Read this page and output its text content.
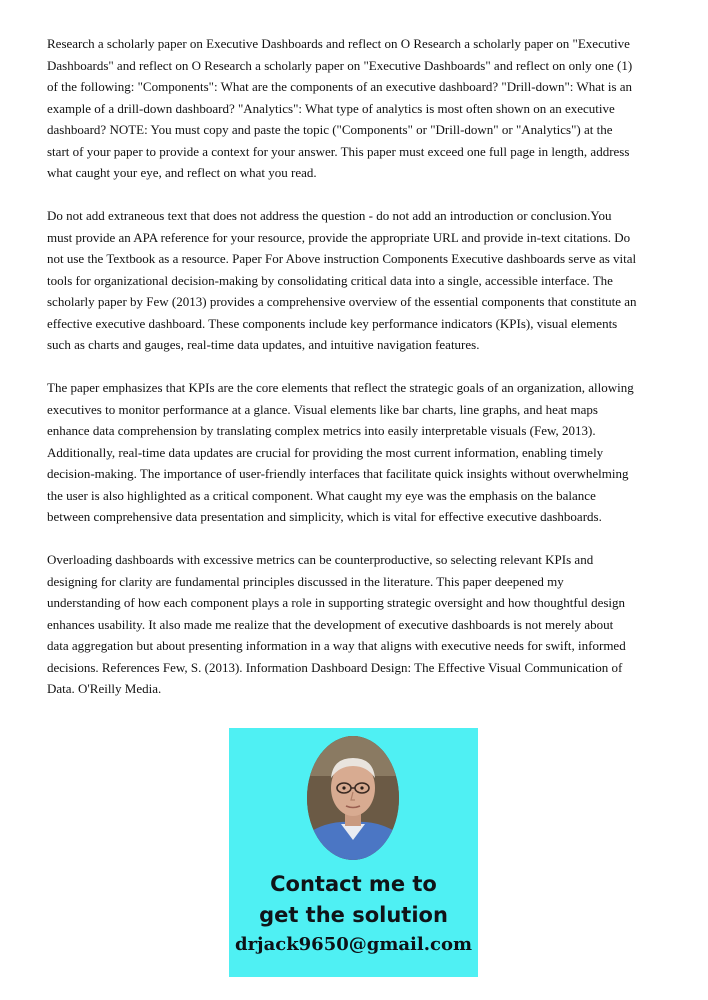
Research a scholarly paper on Executive Dashboards and reflect on O Research a scholarly paper on "Executive Dashboards" and reflect on O Research a scholarly paper on "Executive Dashboards" and reflect on only one (1) of the following: "Components": What are the components of an executive dashboard? "Drill-down": What is an example of a drill-down dashboard? "Analytics": What type of analytics is most often shown on an executive dashboard? NOTE: You must copy and paste the topic ("Components" or "Drill-down" or "Analytics") at the start of your paper to provide a context for your answer. This paper must exceed one full page in length, address what caught your eye, and reflect on what you read.

Do not add extraneous text that does not address the question - do not add an introduction or conclusion.You must provide an APA reference for your resource, provide the appropriate URL and provide in-text citations. Do not use the Textbook as a resource. Paper For Above instruction Components Executive dashboards serve as vital tools for organizational decision-making by consolidating critical data into a single, accessible interface. The scholarly paper by Few (2013) provides a comprehensive overview of the essential components that constitute an effective executive dashboard. These components include key performance indicators (KPIs), visual elements such as charts and gauges, real-time data updates, and intuitive navigation features.

The paper emphasizes that KPIs are the core elements that reflect the strategic goals of an organization, allowing executives to monitor performance at a glance. Visual elements like bar charts, line graphs, and heat maps enhance data comprehension by translating complex metrics into easily interpretable visuals (Few, 2013). Additionally, real-time data updates are crucial for providing the most current information, enabling timely decision-making. The importance of user-friendly interfaces that facilitate quick insights without overwhelming the user is also highlighted as a critical component. What caught my eye was the emphasis on the balance between comprehensive data presentation and simplicity, which is vital for effective executive dashboards.

Overloading dashboards with excessive metrics can be counterproductive, so selecting relevant KPIs and designing for clarity are fundamental principles discussed in the literature. This paper deepened my understanding of how each component plays a role in supporting strategic oversight and how thoughtful design enhances usability. It also made me realize that the development of executive dashboards is not merely about data aggregation but about presenting information in a way that aligns with executive needs for swift, informed decisions. References Few, S. (2013). Information Dashboard Design: The Effective Visual Communication of Data. O'Reilly Media.

Contact me to
get the solution
drjack9650@gmail.com
